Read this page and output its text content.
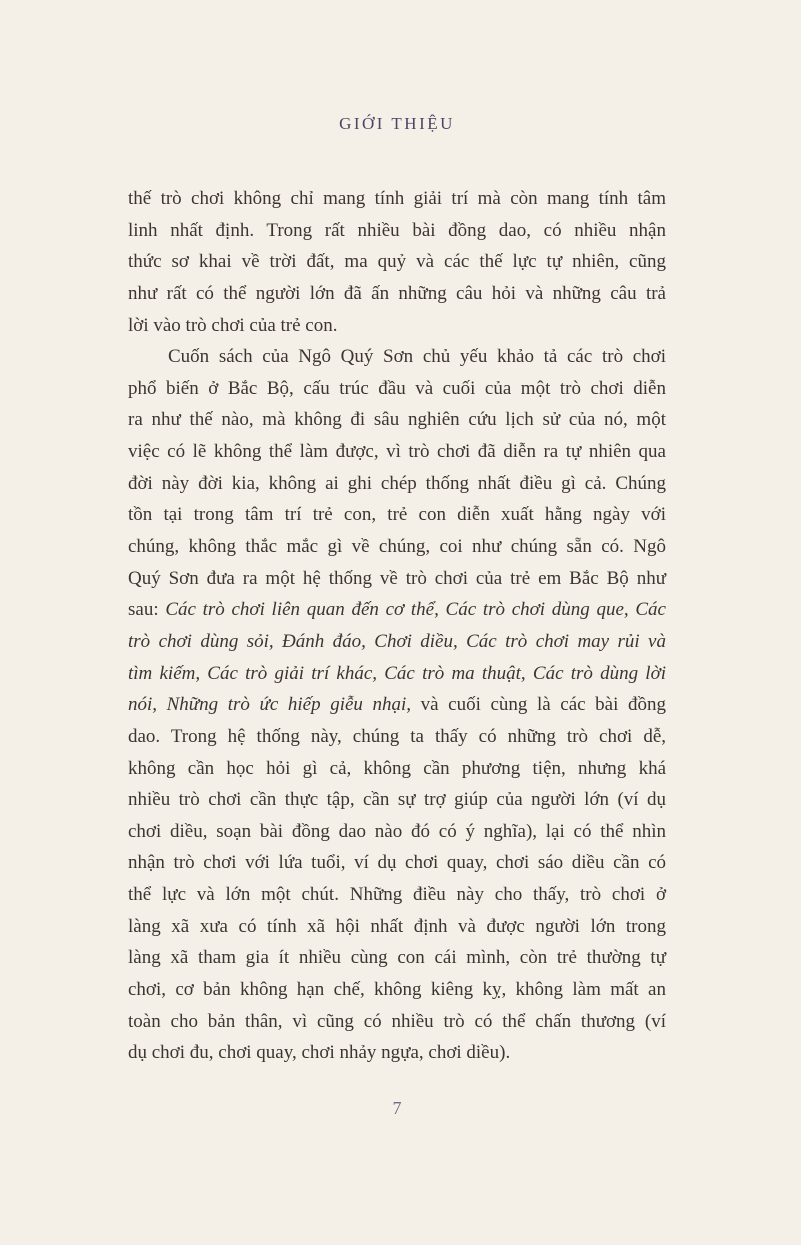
GIỚI THIỆU
thế trò chơi không chỉ mang tính giải trí mà còn mang tính tâm
linh nhất định. Trong rất nhiều bài đồng dao, có nhiều nhận
thức sơ khai về trời đất, ma quỷ và các thế lực tự nhiên, cũng
như rất có thể người lớn đã ấn những câu hỏi và những câu trả
lời vào trò chơi của trẻ con.
Cuốn sách của Ngô Quý Sơn chủ yếu khảo tả các trò chơi
phổ biến ở Bắc Bộ, cấu trúc đầu và cuối của một trò chơi diễn
ra như thế nào, mà không đi sâu nghiên cứu lịch sử của nó, một
việc có lẽ không thể làm được, vì trò chơi đã diễn ra tự nhiên qua
đời này đời kia, không ai ghi chép thống nhất điều gì cả. Chúng
tồn tại trong tâm trí trẻ con, trẻ con diễn xuất hằng ngày với
chúng, không thắc mắc gì về chúng, coi như chúng sẵn có. Ngô
Quý Sơn đưa ra một hệ thống về trò chơi của trẻ em Bắc Bộ như
sau: Các trò chơi liên quan đến cơ thể, Các trò chơi dùng que, Các
trò chơi dùng sỏi, Đánh đáo, Chơi diều, Các trò chơi may rủi và
tìm kiếm, Các trò giải trí khác, Các trò ma thuật, Các trò dùng lời
nói, Những trò ức hiếp giễu nhại, và cuối cùng là các bài đồng
dao. Trong hệ thống này, chúng ta thấy có những trò chơi dễ,
không cần học hỏi gì cả, không cần phương tiện, nhưng khá
nhiều trò chơi cần thực tập, cần sự trợ giúp của người lớn (ví dụ
chơi diều, soạn bài đồng dao nào đó có ý nghĩa), lại có thể nhìn
nhận trò chơi với lứa tuổi, ví dụ chơi quay, chơi sáo diều cần có
thể lực và lớn một chút. Những điều này cho thấy, trò chơi ở
làng xã xưa có tính xã hội nhất định và được người lớn trong
làng xã tham gia ít nhiều cùng con cái mình, còn trẻ thường tự
chơi, cơ bản không hạn chế, không kiêng kỵ, không làm mất an
toàn cho bản thân, vì cũng có nhiều trò có thể chấn thương (ví
dụ chơi đu, chơi quay, chơi nhảy ngựa, chơi diều).
7
